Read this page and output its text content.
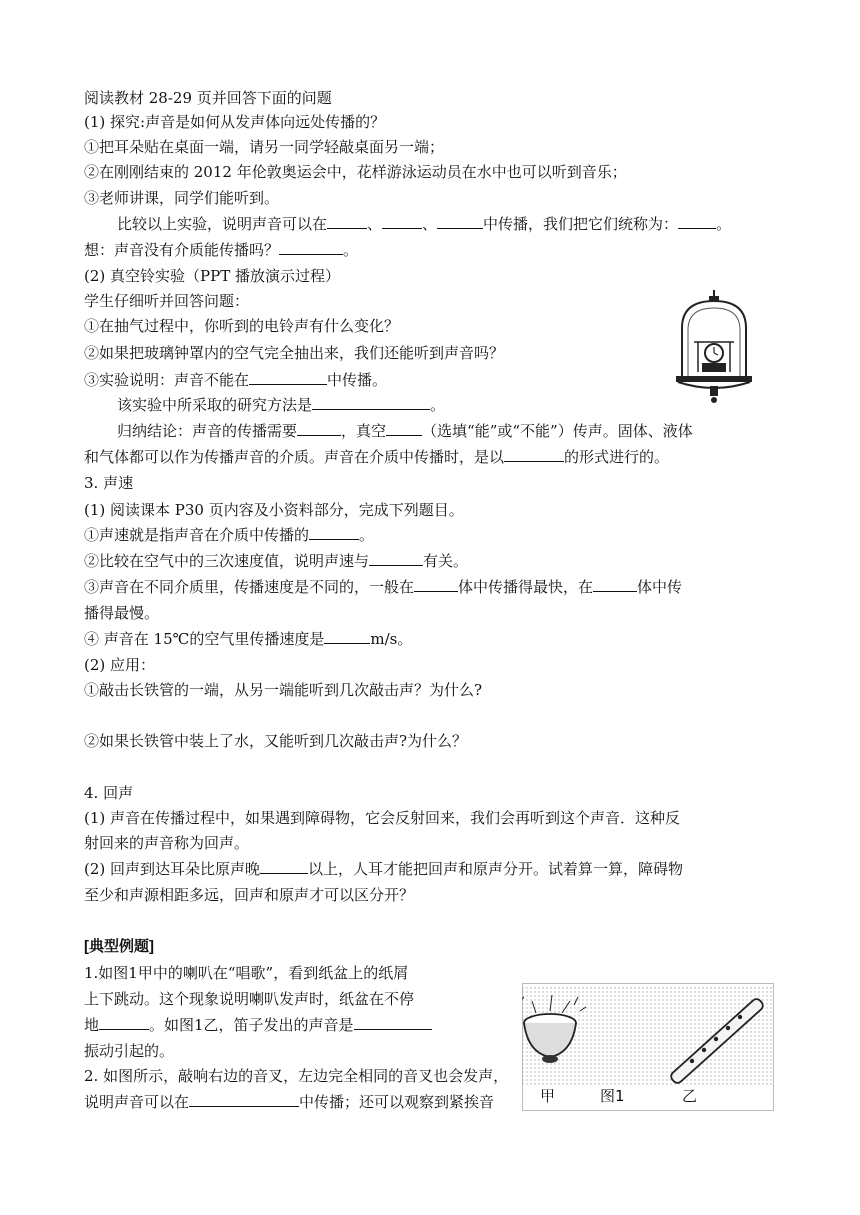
阅读教材 28-29 页并回答下面的问题
(1) 探究:声音是如何从发声体向远处传播的？
①把耳朵贴在桌面一端，请另一同学轻敲桌面另一端；
②在刚刚结束的 2012 年伦敦奥运会中，花样游泳运动员在水中也可以听到音乐；
③老师讲课，同学们能听到。
比较以上实验，说明声音可以在	、	、	中传播，我们把它们统称为：	。
想：声音没有介质能传播吗？	。
(2) 真空铃实验（PPT 播放演示过程）
学生仔细听并回答问题：
①在抽气过程中，你听到的电铃声有什么变化？
②如果把玻璃钟罩内的空气完全抽出来，我们还能听到声音吗？
③实验说明：声音不能在	中传播。
该实验中所采取的研究方法是	。
归纳结论：声音的传播需要	，真空 （选填“能”或“不能”）传声。固体、液体
和气体都可以作为传播声音的介质。声音在介质中传播时，是以	的形式进行的。
3. 声速
(1) 阅读课本 P30 页内容及小资料部分，完成下列题目。
①声速就是指声音在介质中传播的	。
②比较在空气中的三次速度值，说明声速与	有关。
③声音在不同介质里，传播速度是不同的，一般在	体中传播得最快，在	体中传
播得最慢。
④ 声音在 15℃的空气里传播速度是	m/s。
(2) 应用：
①敲击长铁管的一端，从另一端能听到几次敲击声？为什么?
②如果长铁管中装上了水，又能听到几次敲击声?为什么？
4. 回声
(1) 声音在传播过程中，如果遇到障碍物，它会反射回来，我们会再听到这个声音．这种反
射回来的声音称为回声。
(2) 回声到达耳朵比原声晚	以上，人耳才能把回声和原声分开。试着算一算，障碍物
至少和声源相距多远，回声和原声才可以区分开？
[典型例题]
1.如图1甲中的喇叭在“唱歌”，看到纸盆上的纸屑
上下跳动。这个现象说明喇叭发声时，纸盆在不停
地	。如图1乙，笛子发出的声音是
振动引起的。
甲	图1	乙
2. 如图所示，敲响右边的音叉，左边完全相同的音叉也会发声，
说明声音可以在	中传播；还可以观察到紧挨音
